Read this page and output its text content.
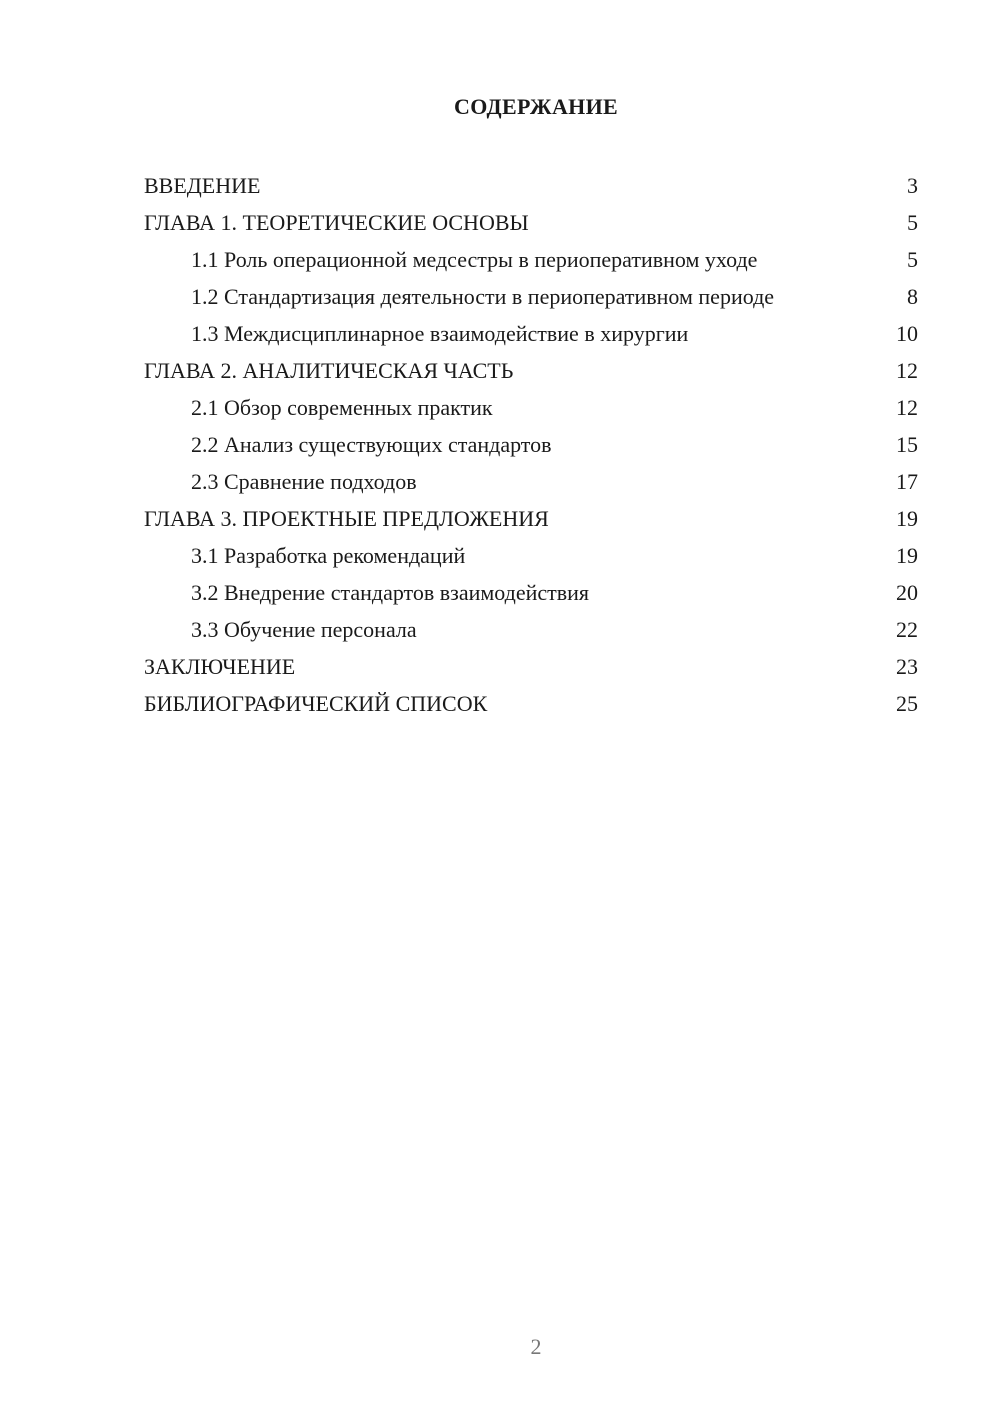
СОДЕРЖАНИЕ
ВВЕДЕНИЕ	3
ГЛАВА 1. ТЕОРЕТИЧЕСКИЕ ОСНОВЫ	5
1.1 Роль операционной медсестры в периоперативном уходе	5
1.2 Стандартизация деятельности в периоперативном периоде	8
1.3 Междисциплинарное взаимодействие в хирургии	10
ГЛАВА 2. АНАЛИТИЧЕСКАЯ ЧАСТЬ	12
2.1 Обзор современных практик	12
2.2 Анализ существующих стандартов	15
2.3 Сравнение подходов	17
ГЛАВА 3. ПРОЕКТНЫЕ ПРЕДЛОЖЕНИЯ	19
3.1 Разработка рекомендаций	19
3.2 Внедрение стандартов взаимодействия	20
3.3 Обучение персонала	22
ЗАКЛЮЧЕНИЕ	23
БИБЛИОГРАФИЧЕСКИЙ СПИСОК	25
2
